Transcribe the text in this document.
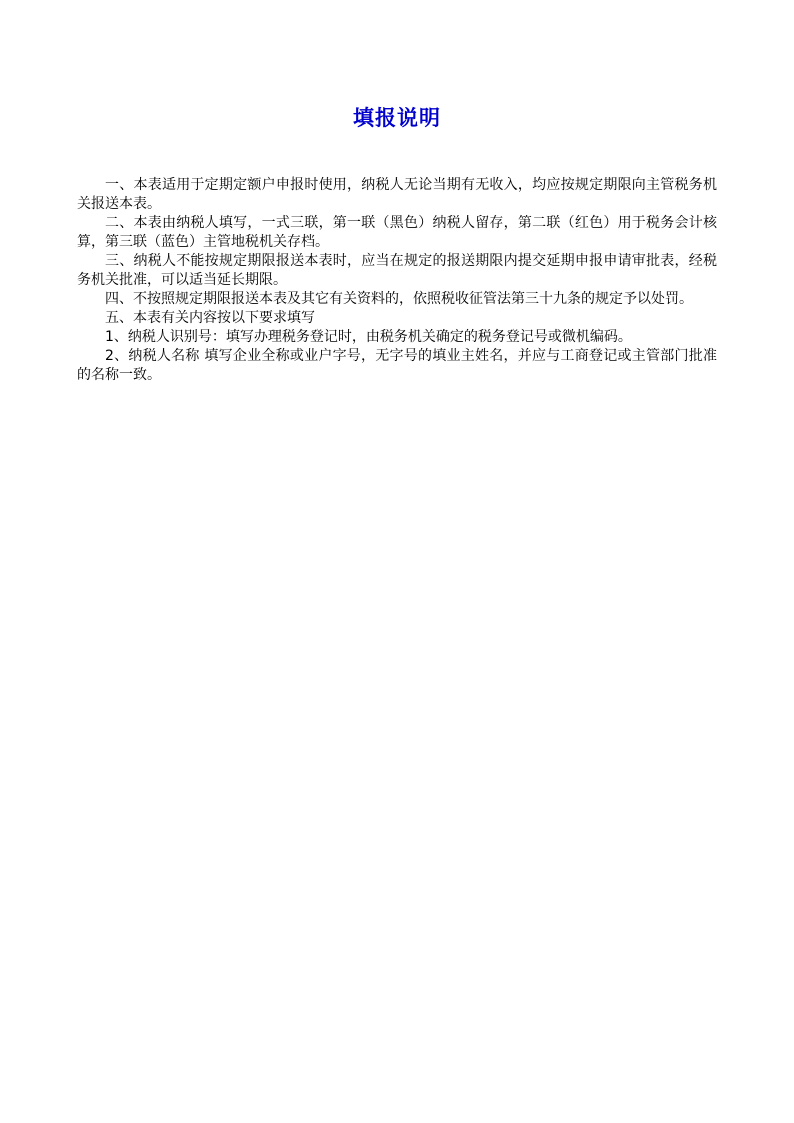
填报说明

一、本表适用于定期定额户申报时使用，纳税人无论当期有无收入，均应按规定期限向主管税务机关报送本表。

二、本表由纳税人填写，一式三联，第一联（黑色）纳税人留存，第二联（红色）用于税务会计核算，第三联（蓝色）主管地税机关存档。

三、纳税人不能按规定期限报送本表时，应当在规定的报送期限内提交延期申报申请审批表，经税务机关批准，可以适当延长期限。

四、不按照规定期限报送本表及其它有关资料的，依照税收征管法第三十九条的规定予以处罚。

五、本表有关内容按以下要求填写

1、纳税人识别号：填写办理税务登记时，由税务机关确定的税务登记号或微机编码。

2、纳税人名称 填写企业全称或业户字号，无字号的填业主姓名，并应与工商登记或主管部门批准的名称一致。
